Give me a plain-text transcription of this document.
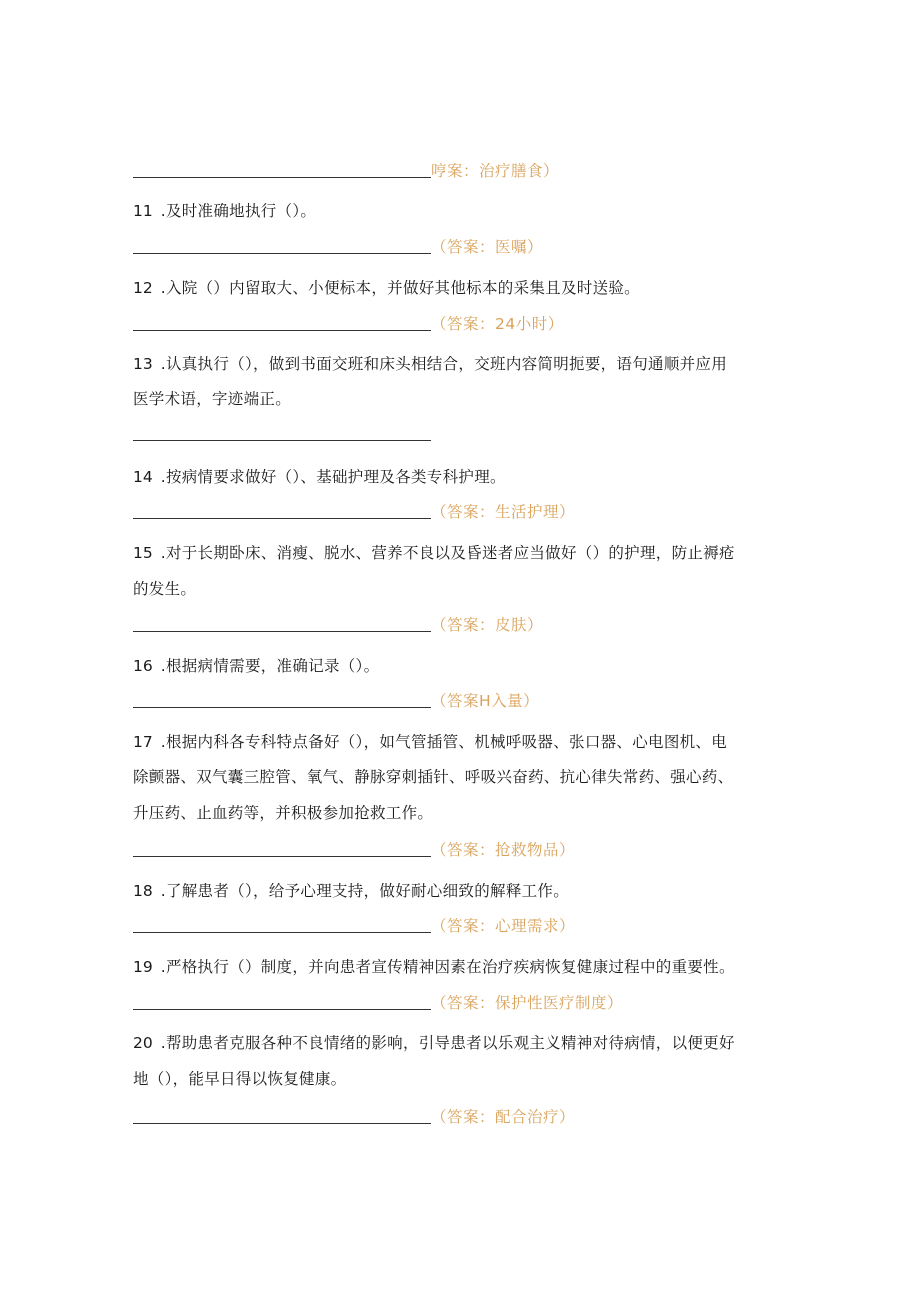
哼案：治疗膳食）
11 .及时准确地执行（）。
（答案：医嘱）
12 .入院（）内留取大、小便标本，并做好其他标本的采集且及时送验。
（答案：24小时）
13 .认真执行（），做到书面交班和床头相结合，交班内容简明扼要，语句通顺并应用
医学术语，字迹端正。
14 .按病情要求做好（）、基础护理及各类专科护理。
（答案：生活护理）
15 .对于长期卧床、消瘦、脱水、营养不良以及昏迷者应当做好（）的护理，防止褥疮
的发生。
（答案：皮肤）
16 .根据病情需要，准确记录（）。
（答案H入量）
17 .根据内科各专科特点备好（），如气管插管、机械呼吸器、张口器、心电图机、电
除颤器、双气囊三腔管、氧气、静脉穿刺插针、呼吸兴奋药、抗心律失常药、强心药、
升压药、止血药等，并积极参加抢救工作。
（答案：抢救物品）
18 .了解患者（），给予心理支持，做好耐心细致的解释工作。
（答案：心理需求）
19 .严格执行（）制度，并向患者宣传精神因素在治疗疾病恢复健康过程中的重要性。
（答案：保护性医疗制度）
20 .帮助患者克服各种不良情绪的影响，引导患者以乐观主义精神对待病情，以便更好
地（），能早日得以恢复健康。
（答案：配合治疗）
